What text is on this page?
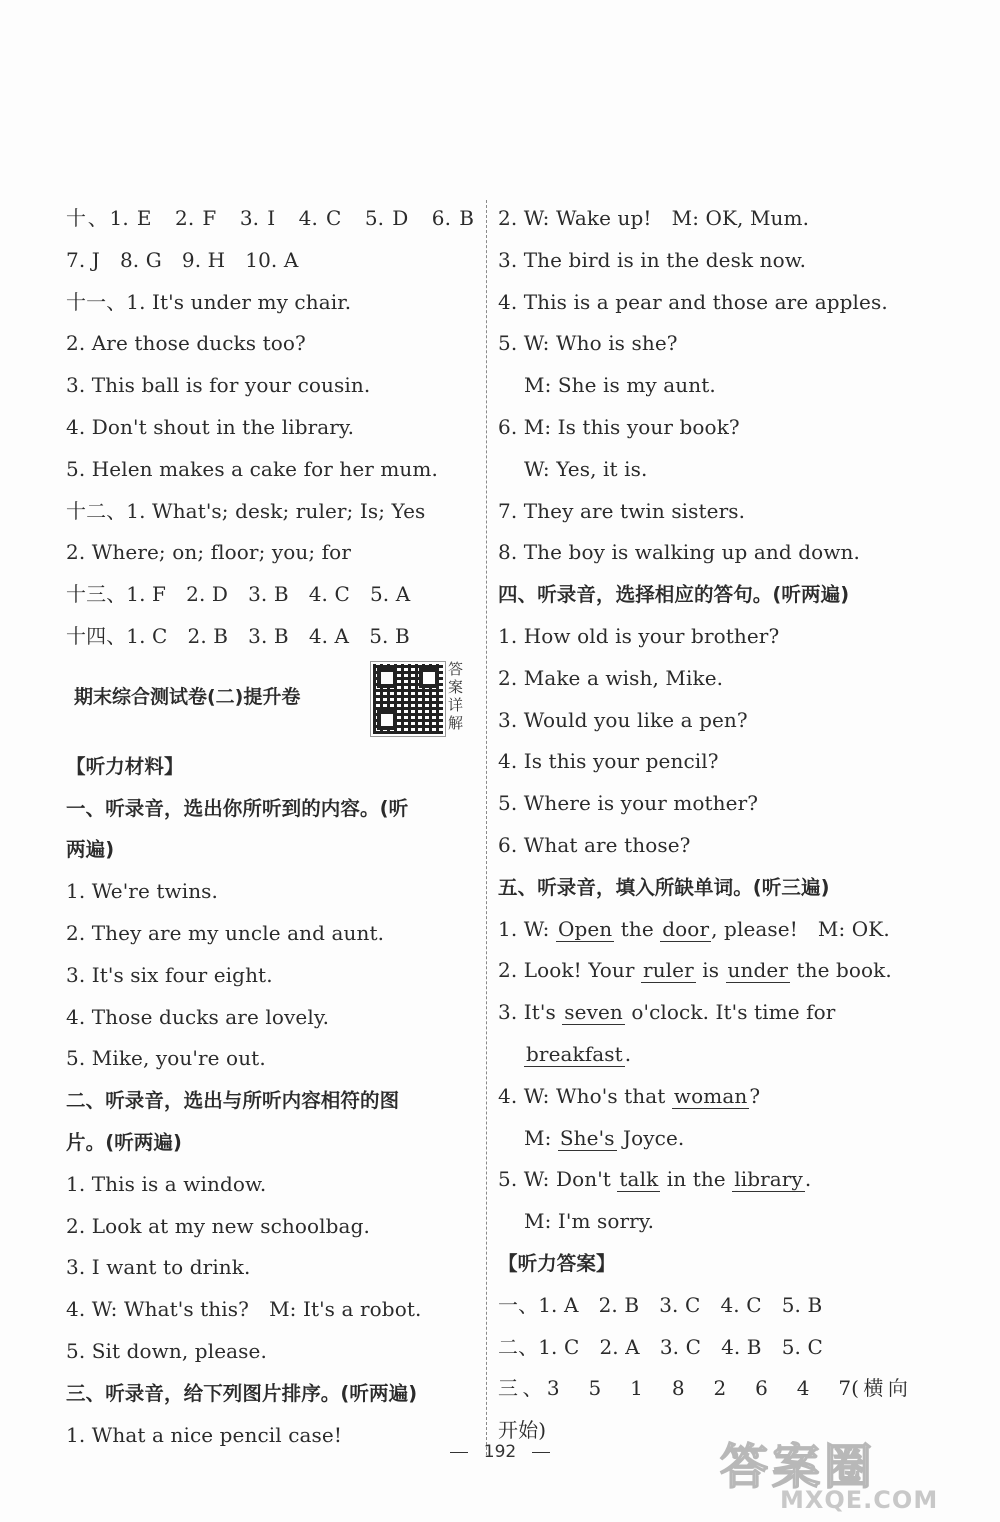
十、1. E　2. F　3. I　4. C　5. D　6. B
7. J　8. G　9. H　10. A
十一、1. It's under my chair.
2. Are those ducks too?
3. This ball is for your cousin.
4. Don't shout in the library.
5. Helen makes a cake for her mum.
十二、1. What's; desk; ruler; Is; Yes
2. Where; on; floor; you; for
十三、1. F　2. D　3. B　4. C　5. A
十四、1. C　2. B　3. B　4. A　5. B
期末综合测试卷(二)提升卷
答案详解
【听力材料】
一、听录音，选出你所听到的内容。(听
两遍)
1. We're twins.
2. They are my uncle and aunt.
3. It's six four eight.
4. Those ducks are lovely.
5. Mike, you're out.
二、听录音，选出与所听内容相符的图
片。(听两遍)
1. This is a window.
2. Look at my new schoolbag.
3. I want to drink.
4. W: What's this?　M: It's a robot.
5. Sit down, please.
三、听录音，给下列图片排序。(听两遍)
1. What a nice pencil case!
2. W: Wake up!　M: OK, Mum.
3. The bird is in the desk now.
4. This is a pear and those are apples.
5. W: Who is she?
M: She is my aunt.
6. M: Is this your book?
W: Yes, it is.
7. They are twin sisters.
8. The boy is walking up and down.
四、听录音，选择相应的答句。(听两遍)
1. How old is your brother?
2. Make a wish, Mike.
3. Would you like a pen?
4. Is this your pencil?
5. Where is your mother?
6. What are those?
五、听录音，填入所缺单词。(听三遍)
1. W: Open the door , please!　M: OK.
2. Look! Your ruler is under the book.
3. It's seven o'clock. It's time for
breakfast .
4. W: Who's that woman ?
M: She's Joyce.
5. W: Don't talk in the library .
M: I'm sorry.
【听力答案】
一、1. A　2. B　3. C　4. C　5. B
二、1. C　2. A　3. C　4. B　5. C
三、3　5　1　8　2　6　4　7(横向
开始)
192	答案圈
MXQE.COM
